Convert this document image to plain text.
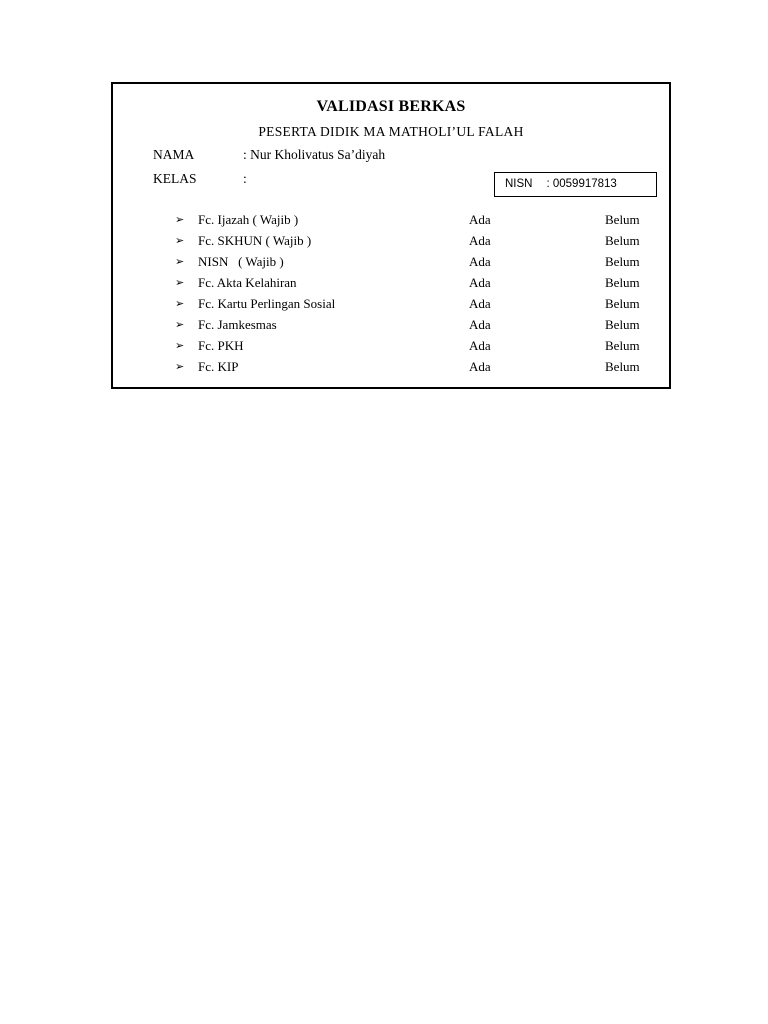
VALIDASI BERKAS
PESERTA DIDIK MA MATHOLI’UL FALAH
NAMA	: Nur Kholivatus Sa’diyah
KELAS	:	NISN : 0059917813
➢ Fc. Ijazah ( Wajib )	Ada	Belum
➢ Fc. SKHUN ( Wajib )	Ada	Belum
➢ NISN   ( Wajib )	Ada	Belum
➢ Fc. Akta Kelahiran	Ada	Belum
➢ Fc. Kartu Perlingan Sosial	Ada	Belum
➢ Fc. Jamkesmas	Ada	Belum
➢ Fc. PKH	Ada	Belum
➢ Fc. KIP	Ada	Belum
